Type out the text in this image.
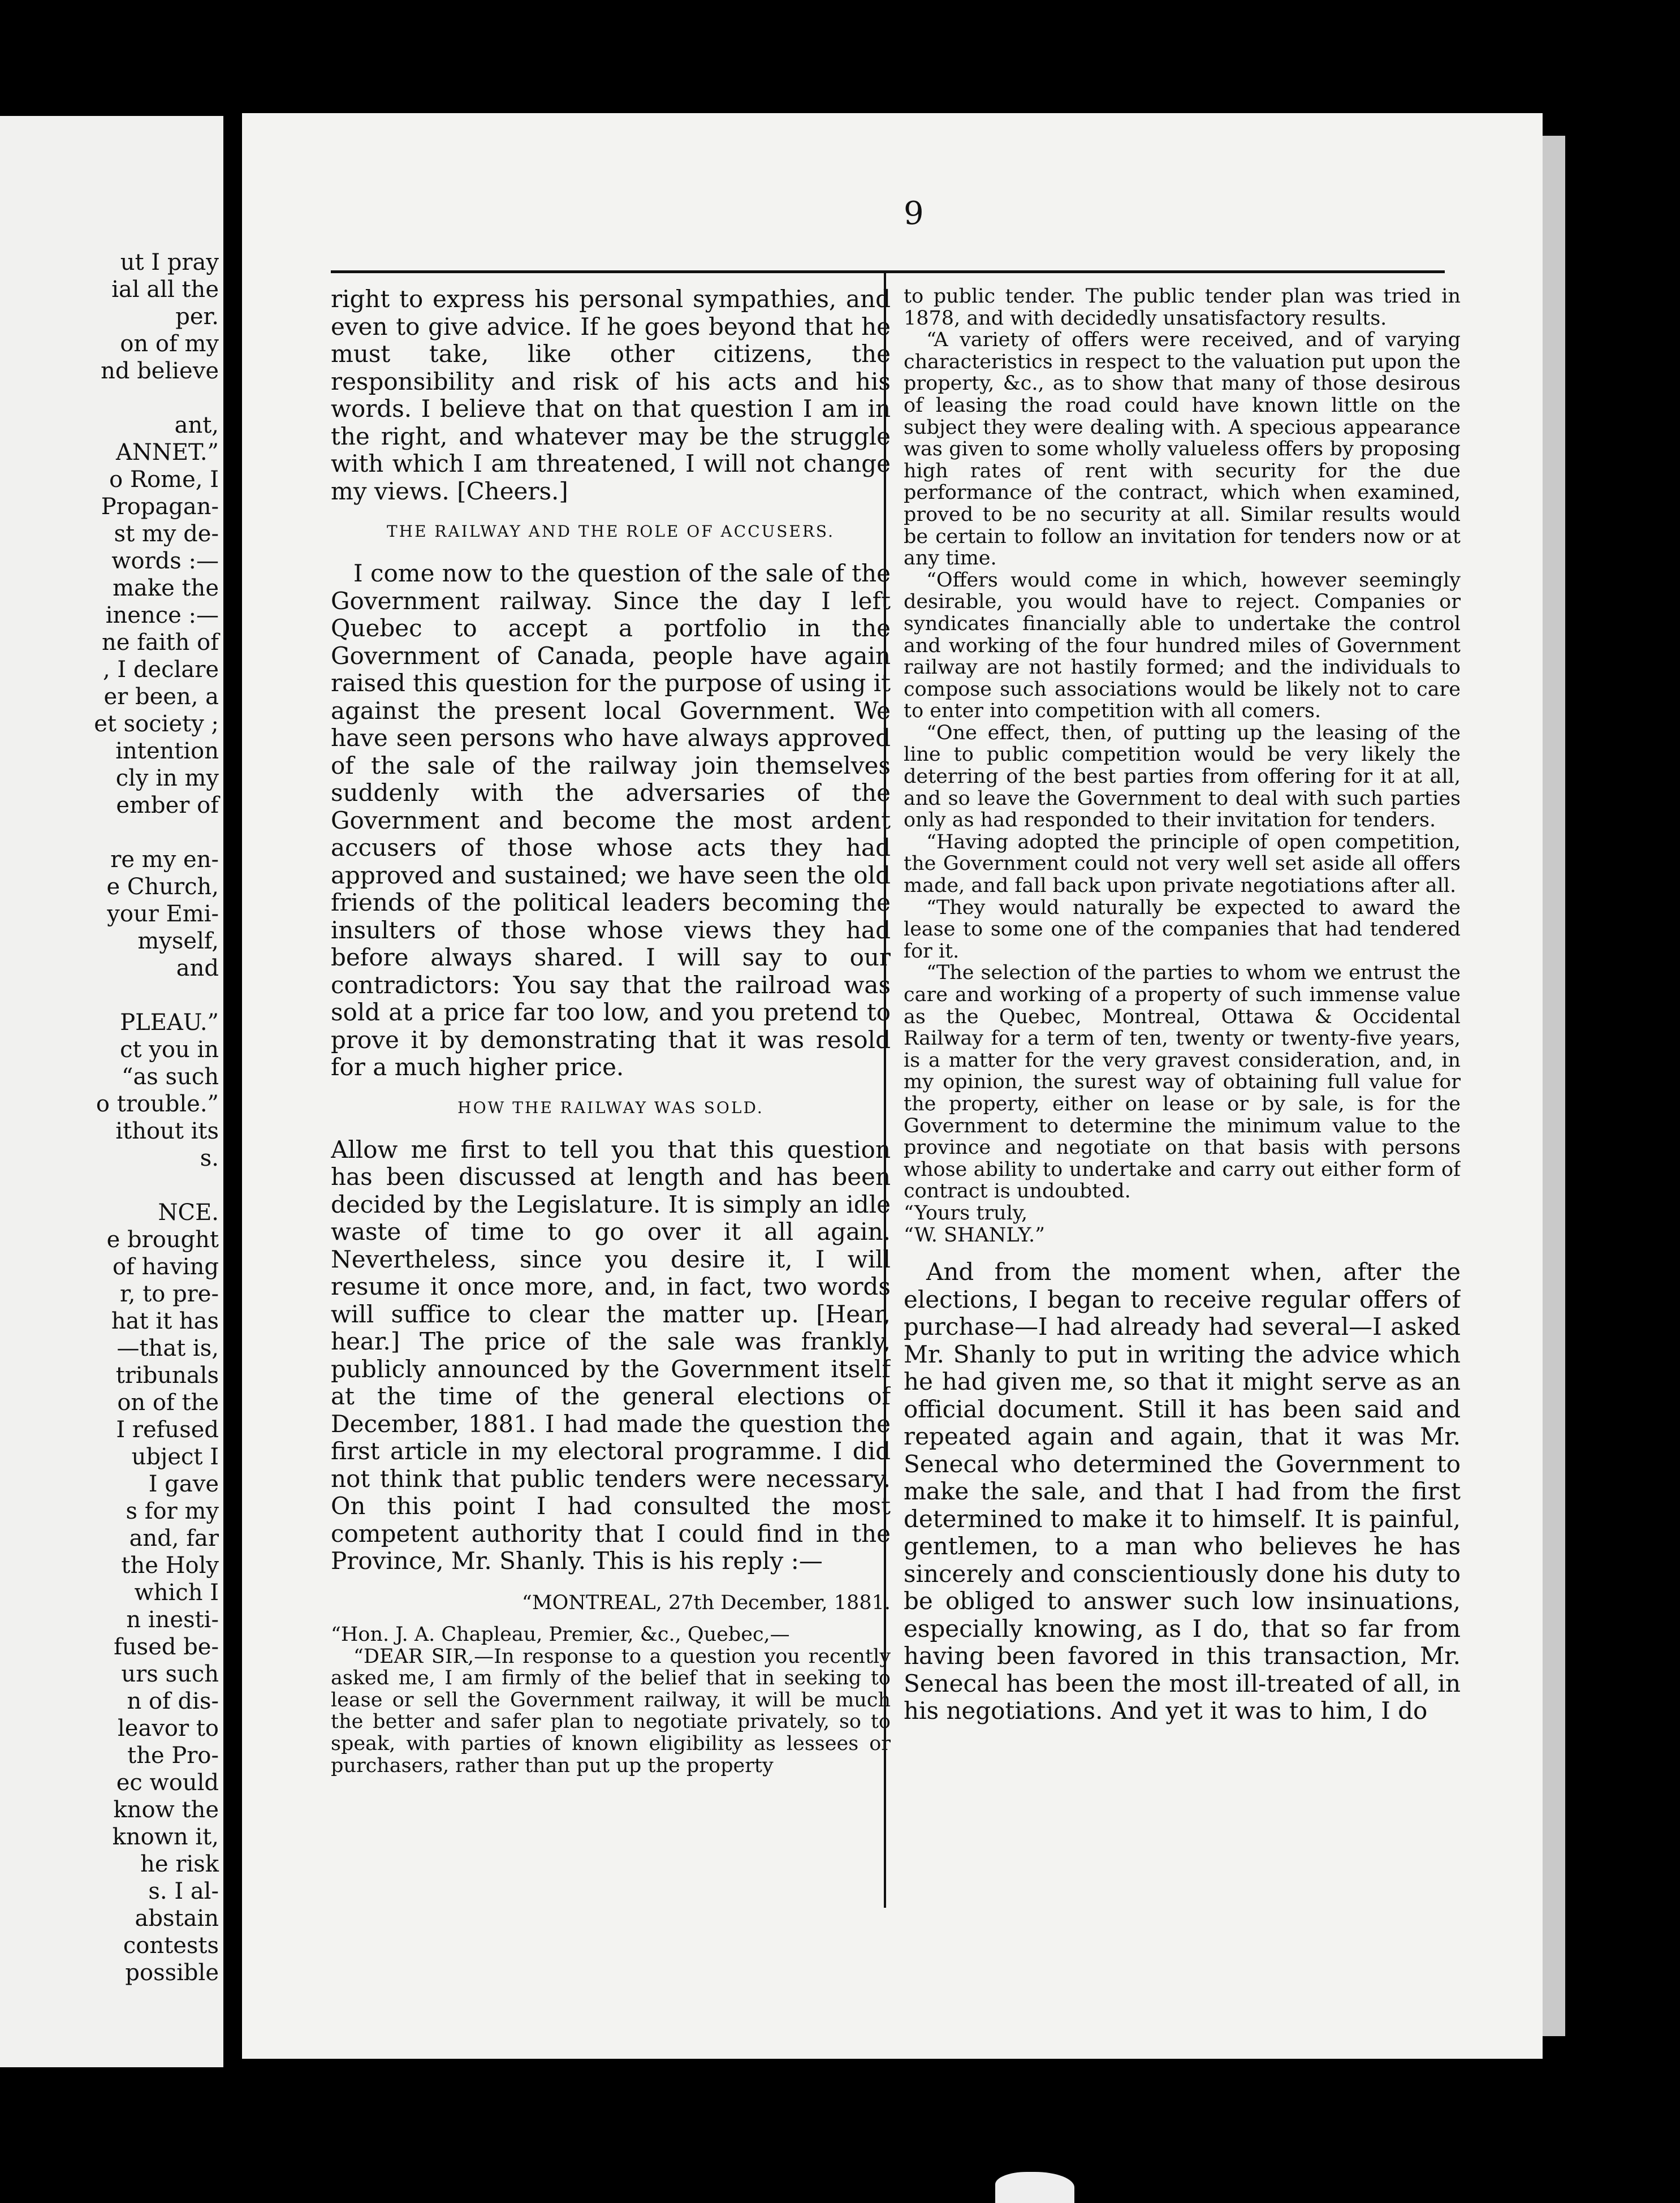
ut I pray
ial all the
per.
on of my
nd believe
ant,
ANNET.”
o Rome, I
Propagan-
st my de-
words :—
make the
inence :—
ne faith of
, I declare
er been, a
et society ;
intention
cly in my
ember of
re my en-
e Church,
your Emi-
myself,
and
PLEAU.”
ct you in
“as such
o trouble.”
ithout its
s.
NCE.
e brought
of having
r, to pre-
hat it has
—that is,
tribunals
on of the
I refused
ubject I
I gave
s for my
and, far
the Holy
which I
n inesti-
fused be-
urs such
n of dis-
leavor to
the Pro-
ec would
know the
known it,
he risk
s. I al-
abstain
contests
possible
9

right to express his personal sympathies, and even to give advice. If he goes beyond that he must take, like other citizens, the responsibility and risk of his acts and his words. I believe that on that question I am in the right, and whatever may be the struggle with which I am threatened, I will not change my views. [Cheers.]

THE RAILWAY AND THE ROLE OF ACCUSERS.

I come now to the question of the sale of the Government railway. Since the day I left Quebec to accept a portfolio in the Government of Canada, people have again raised this question for the purpose of using it against the present local Government. We have seen persons who have always approved of the sale of the railway join themselves suddenly with the adversaries of the Government and become the most ardent accusers of those whose acts they had approved and sustained; we have seen the old friends of the political leaders becoming the insulters of those whose views they had before always shared. I will say to our contradictors: You say that the railroad was sold at a price far too low, and you pretend to prove it by demonstrating that it was resold for a much higher price.

HOW THE RAILWAY WAS SOLD.

Allow me first to tell you that this question has been discussed at length and has been decided by the Legislature. It is simply an idle waste of time to go over it all again. Nevertheless, since you desire it, I will resume it once more, and, in fact, two words will suffice to clear the matter up. [Hear, hear.] The price of the sale was frankly, publicly announced by the Government itself at the time of the general elections of December, 1881. I had made the question the first article in my electoral programme. I did not think that public tenders were necessary. On this point I had consulted the most competent authority that I could find in the Province, Mr. Shanly. This is his reply :—

“MONTREAL, 27th December, 1881.

“Hon. J. A. Chapleau, Premier, &c., Quebec,—

“DEAR SIR,—In response to a question you recently asked me, I am firmly of the belief that in seeking to lease or sell the Government railway, it will be much the better and safer plan to negotiate privately, so to speak, with parties of known eligibility as lessees or purchasers, rather than put up the property

to public tender. The public tender plan was tried in 1878, and with decidedly unsatisfactory results.

“A variety of offers were received, and of varying characteristics in respect to the valuation put upon the property, &c., as to show that many of those desirous of leasing the road could have known little on the subject they were dealing with. A specious appearance was given to some wholly valueless offers by proposing high rates of rent with security for the due performance of the contract, which when examined, proved to be no security at all. Similar results would be certain to follow an invitation for tenders now or at any time.

“Offers would come in which, however seemingly desirable, you would have to reject. Companies or syndicates financially able to undertake the control and working of the four hundred miles of Government railway are not hastily formed; and the individuals to compose such associations would be likely not to care to enter into competition with all comers.

“One effect, then, of putting up the leasing of the line to public competition would be very likely the deterring of the best parties from offering for it at all, and so leave the Government to deal with such parties only as had responded to their invitation for tenders.

“Having adopted the principle of open competition, the Government could not very well set aside all offers made, and fall back upon private negotiations after all.

“They would naturally be expected to award the lease to some one of the companies that had tendered for it.

“The selection of the parties to whom we entrust the care and working of a property of such immense value as the Quebec, Montreal, Ottawa & Occidental Railway for a term of ten, twenty or twenty-five years, is a matter for the very gravest consideration, and, in my opinion, the surest way of obtaining full value for the property, either on lease or by sale, is for the Government to determine the minimum value to the province and negotiate on that basis with persons whose ability to undertake and carry out either form of contract is undoubted.

“Yours truly,

“W. SHANLY.”

And from the moment when, after the elections, I began to receive regular offers of purchase—I had already had several—I asked Mr. Shanly to put in writing the advice which he had given me, so that it might serve as an official document. Still it has been said and repeated again and again, that it was Mr. Senecal who determined the Government to make the sale, and that I had from the first determined to make it to himself. It is painful, gentlemen, to a man who believes he has sincerely and conscientiously done his duty to be obliged to answer such low insinuations, especially knowing, as I do, that so far from having been favored in this transaction, Mr. Senecal has been the most ill-treated of all, in his negotiations. And yet it was to him, I do
